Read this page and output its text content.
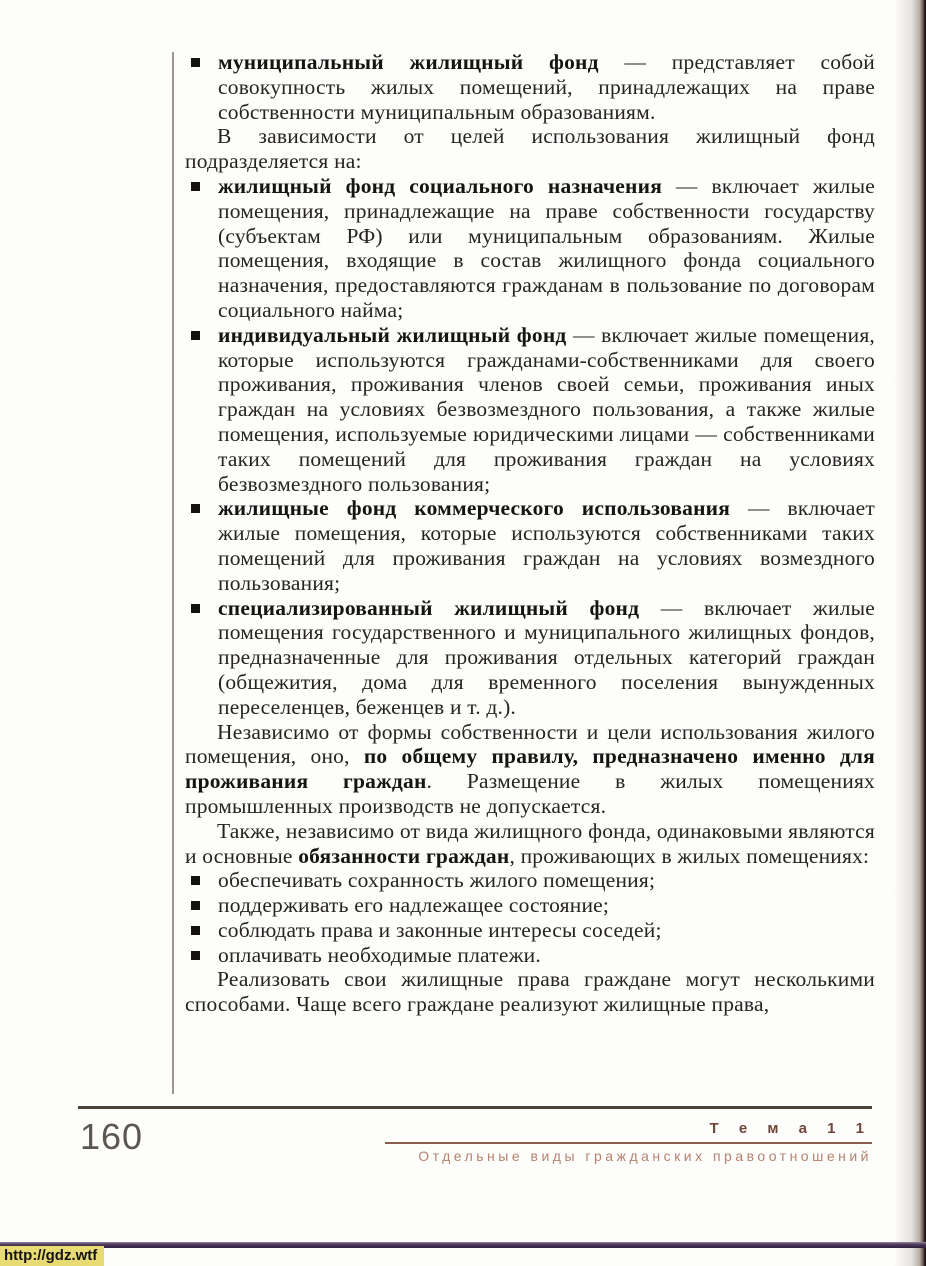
муниципальный жилищный фонд — представляет собой совокупность жилых помещений, принадлежащих на праве собственности муниципальным образованиям.

В зависимости от целей использования жилищный фонд подразделяется на:

жилищный фонд социального назначения — включает жилые помещения, принадлежащие на праве собственности государству (субъектам РФ) или муниципальным образованиям. Жилые помещения, входящие в состав жилищного фонда социального назначения, предоставляются гражданам в пользование по договорам социального найма;
индивидуальный жилищный фонд — включает жилые помещения, которые используются гражданами-собственниками для своего проживания, проживания членов своей семьи, проживания иных граждан на условиях безвозмездного пользования, а также жилые помещения, используемые юридическими лицами — собственниками таких помещений для проживания граждан на условиях безвозмездного пользования;
жилищные фонд коммерческого использования — включает жилые помещения, которые используются собственниками таких помещений для проживания граждан на условиях возмездного пользования;
специализированный жилищный фонд — включает жилые помещения государственного и муниципального жилищных фондов, предназначенные для проживания отдельных категорий граждан (общежития, дома для временного поселения вынужденных переселенцев, беженцев и т. д.).

Независимо от формы собственности и цели использования жилого помещения, оно, по общему правилу, предназначено именно для проживания граждан. Размещение в жилых помещениях промышленных производств не допускается.

Также, независимо от вида жилищного фонда, одинаковыми являются и основные обязанности граждан, проживающих в жилых помещениях:

обеспечивать сохранность жилого помещения;
поддерживать его надлежащее состояние;
соблюдать права и законные интересы соседей;
оплачивать необходимые платежи.

Реализовать свои жилищные права граждане могут несколькими способами. Чаще всего граждане реализуют жилищные права,

160	Т е м а 1 1
Отдельные виды гражданских правоотношений
http://gdz.wtf
